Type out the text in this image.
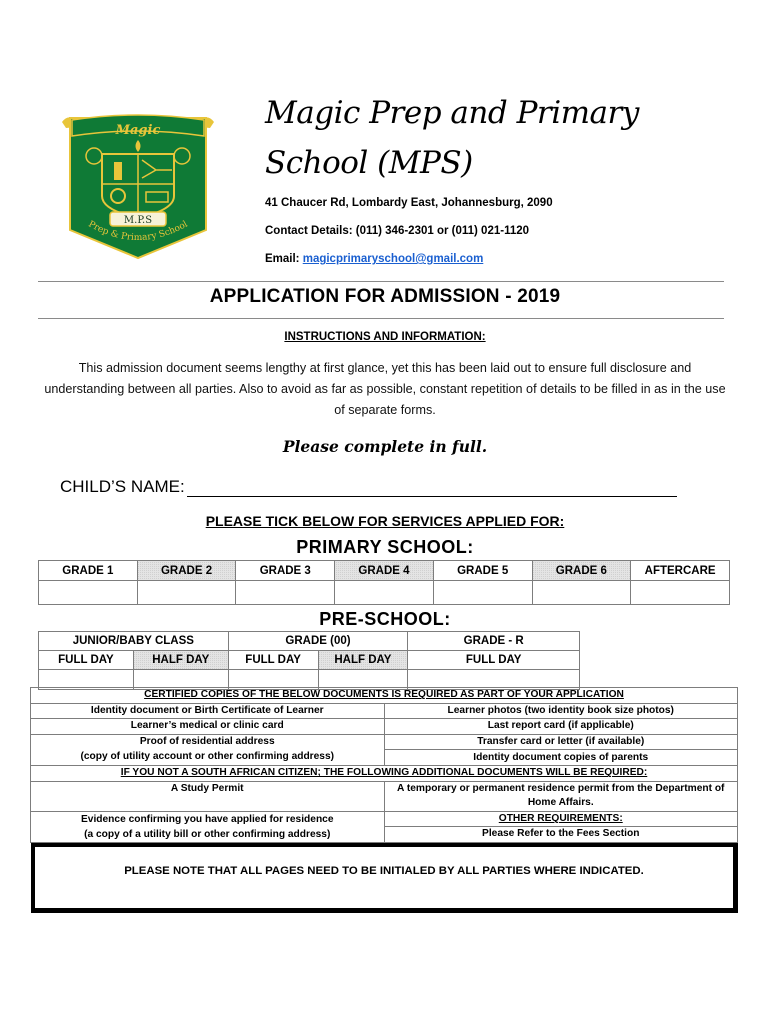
Magic
M.P.S
Prep & Primary School
Magic Prep and Primary School (MPS)
41 Chaucer Rd, Lombardy East, Johannesburg, 2090
Contact Details: (011) 346-2301 or (011) 021-1120
Email: magicprimaryschool@gmail.com
APPLICATION FOR ADMISSION - 2019
INSTRUCTIONS AND INFORMATION:
This admission document seems lengthy at first glance, yet this has been laid out to ensure full disclosure and understanding between all parties. Also to avoid as far as possible, constant repetition of details to be filled in as in the use of separate forms.
Please complete in full.
CHILD’S NAME:
PLEASE TICK BELOW FOR SERVICES APPLIED FOR:
PRIMARY SCHOOL:
GRADE 1	GRADE 2	GRADE 3	GRADE 4	GRADE 5	GRADE 6	AFTERCARE

PRE-SCHOOL:
JUNIOR/BABY CLASS		GRADE (00)		GRADE - R
FULL DAY	HALF DAY	FULL DAY	HALF DAY	FULL DAY

CERTIFIED COPIES OF THE BELOW DOCUMENTS IS REQUIRED AS PART OF YOUR APPLICATION	
Identity document or Birth Certificate of Learner	Learner photos (two identity book size photos)
Learner’s medical or clinic card	Last report card (if applicable)
Proof of residential address	Transfer card or letter (if available)
(copy of utility account or other confirming address)	Identity document copies of parents
IF YOU NOT A SOUTH AFRICAN CITIZEN; THE FOLLOWING ADDITIONAL DOCUMENTS WILL BE REQUIRED:	
A Study Permit	A temporary or permanent residence permit from the Department of Home Affairs.

Evidence confirming you have applied for residence
(a copy of a utility bill or other confirming address)	OTHER REQUIREMENTS:
	Please Refer to the Fees Section
PLEASE NOTE THAT ALL PAGES NEED TO BE INITIALED BY ALL PARTIES WHERE INDICATED.
